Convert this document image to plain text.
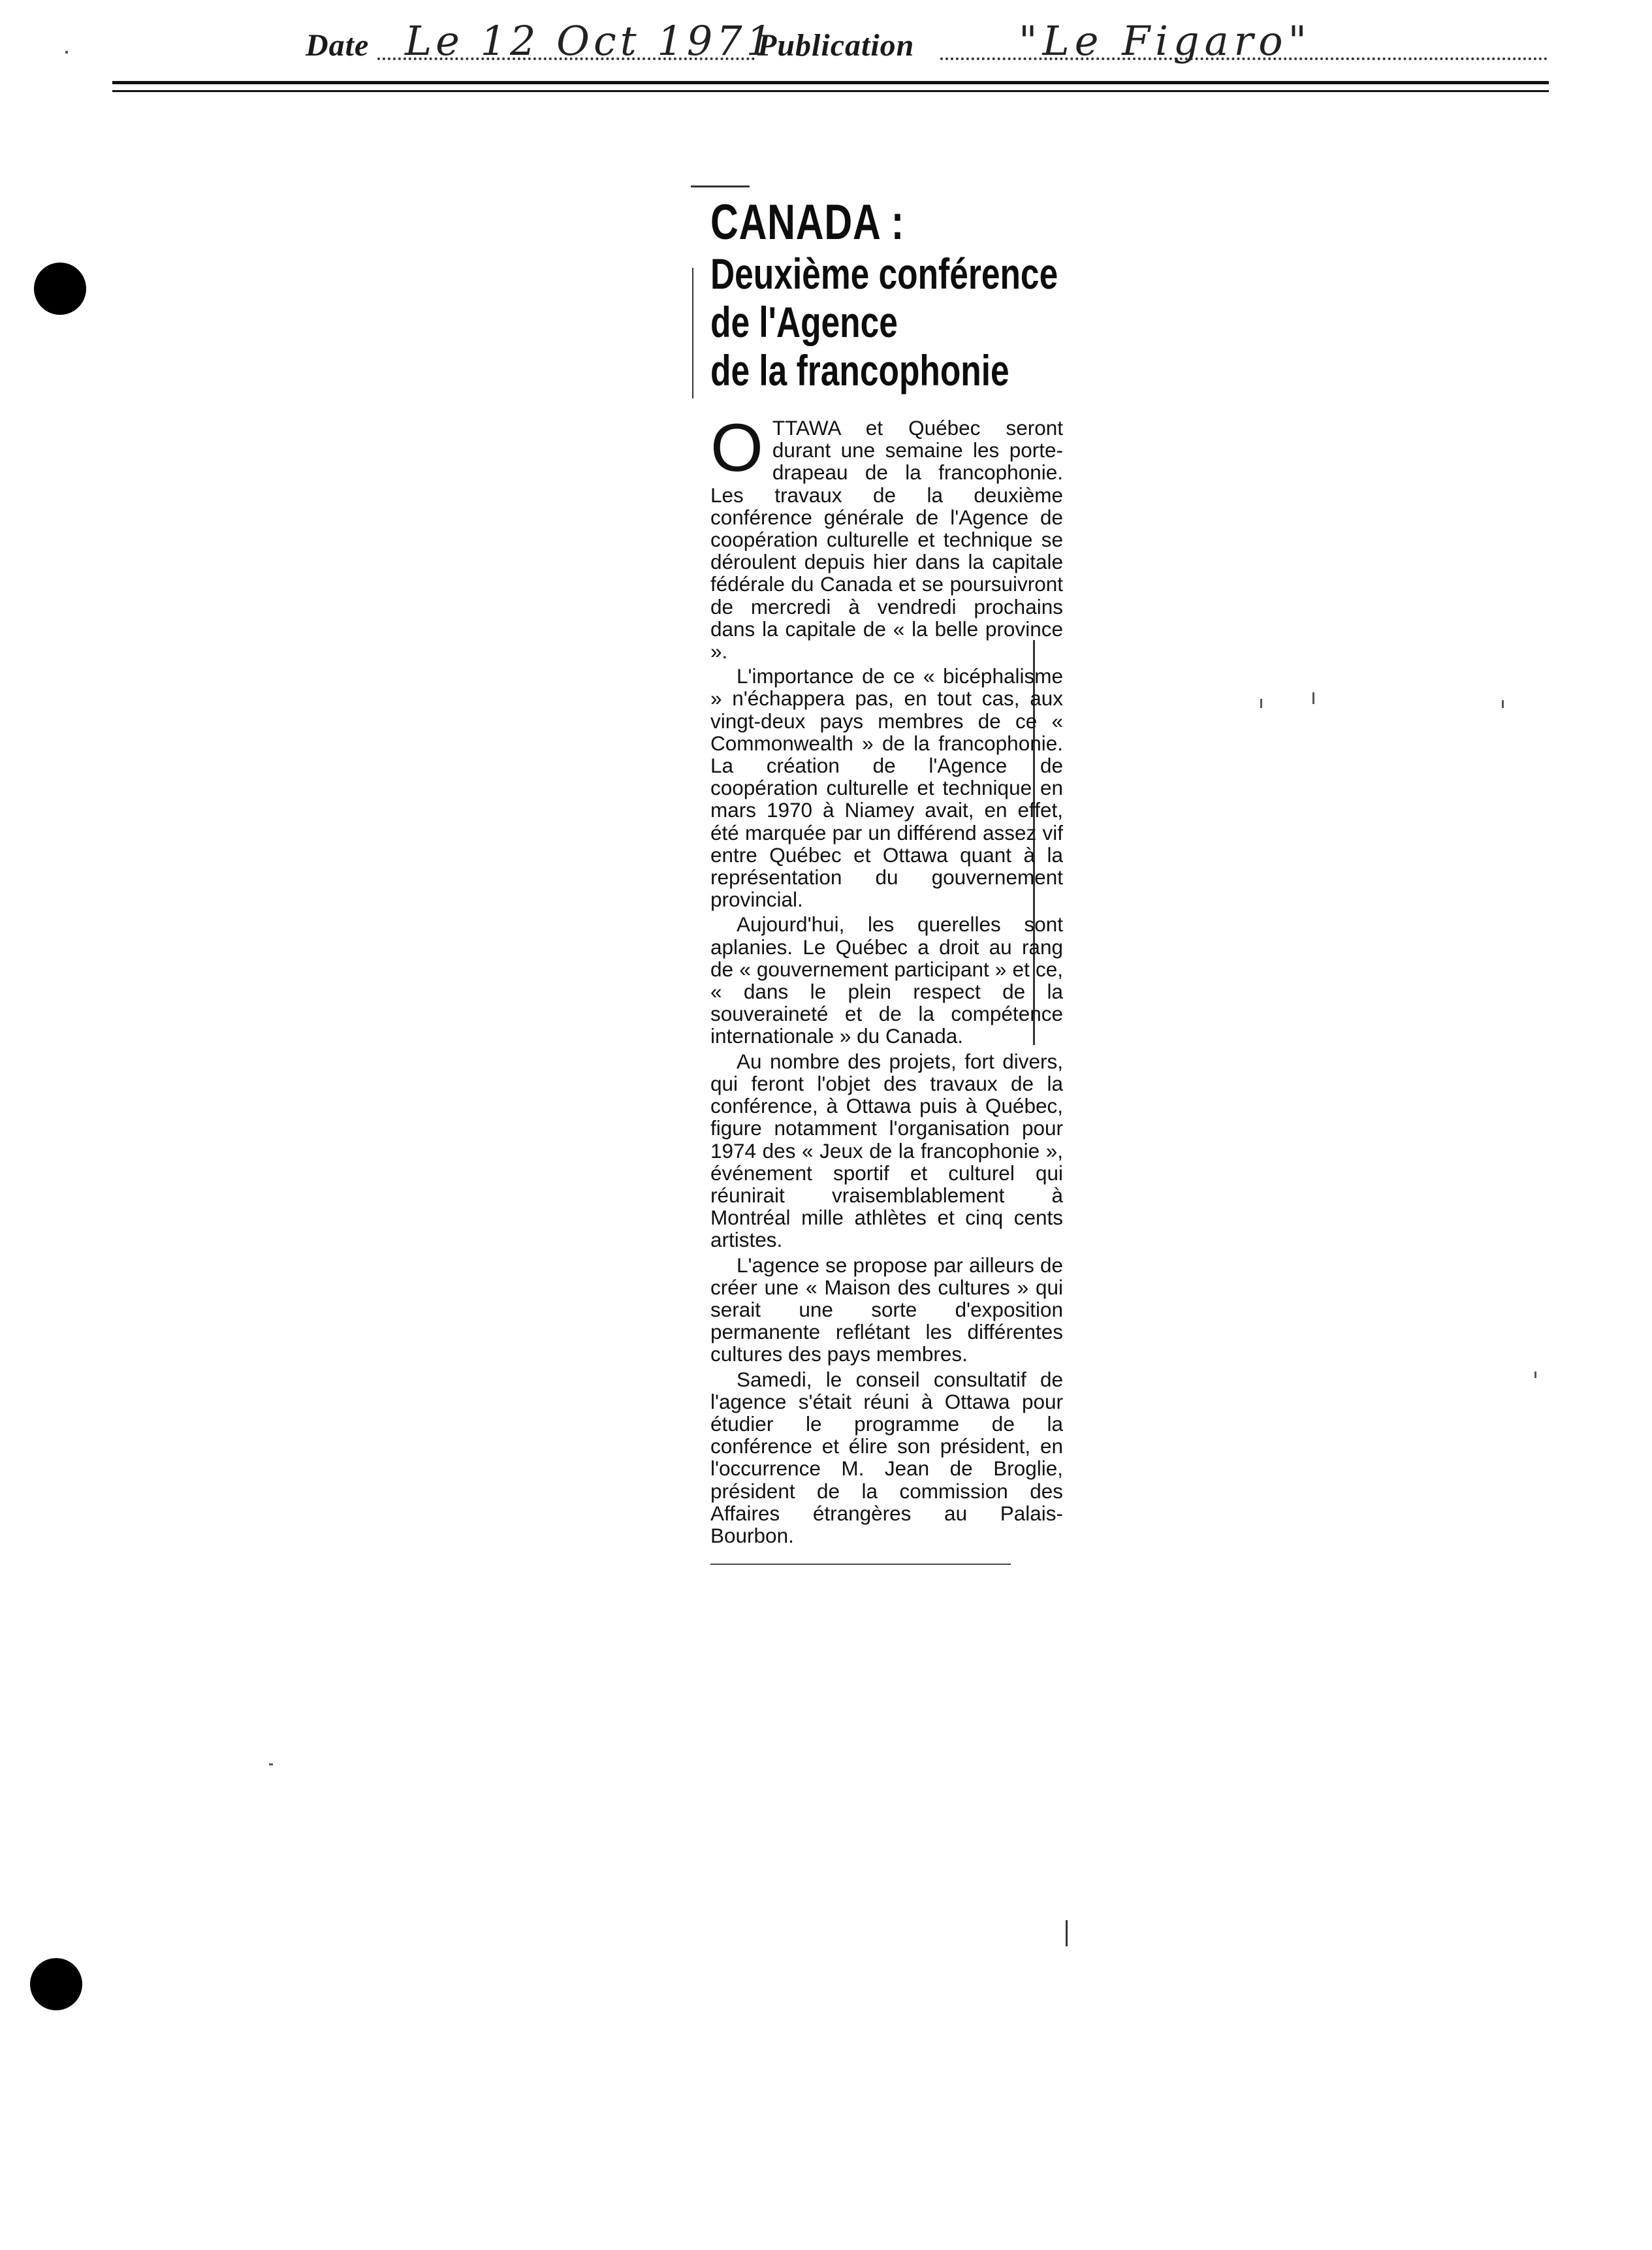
Date Le 12 Oct 1971
Publication	"Le Figaro"
CANADA :
Deuxième conférence
de l'Agence
de la francophonie

OTTAWA et Québec seront durant une semaine les porte-drapeau de la francophonie. Les travaux de la deuxième conférence générale de l'Agence de coopération culturelle et technique se déroulent depuis hier dans la capitale fédérale du Canada et se poursuivront de mercredi à vendredi prochains dans la capitale de « la belle province ».

L'importance de ce « bicéphalisme » n'échappera pas, en tout cas, aux vingt-deux pays membres de ce « Commonwealth » de la francophonie. La création de l'Agence de coopération culturelle et technique en mars 1970 à Niamey avait, en effet, été marquée par un différend assez vif entre Québec et Ottawa quant à la représentation du gouvernement provincial.

Aujourd'hui, les querelles sont aplanies. Le Québec a droit au rang de « gouvernement participant » et ce, « dans le plein respect de la souveraineté et de la compétence internationale » du Canada.

Au nombre des projets, fort divers, qui feront l'objet des travaux de la conférence, à Ottawa puis à Québec, figure notamment l'organisation pour 1974 des « Jeux de la francophonie », événement sportif et culturel qui réunirait vraisemblablement à Montréal mille athlètes et cinq cents artistes.

L'agence se propose par ailleurs de créer une « Maison des cultures » qui serait une sorte d'exposition permanente reflétant les différentes cultures des pays membres.

Samedi, le conseil consultatif de l'agence s'était réuni à Ottawa pour étudier le programme de la conférence et élire son président, en l'occurrence M. Jean de Broglie, président de la commission des Affaires étrangères au Palais-Bourbon.
